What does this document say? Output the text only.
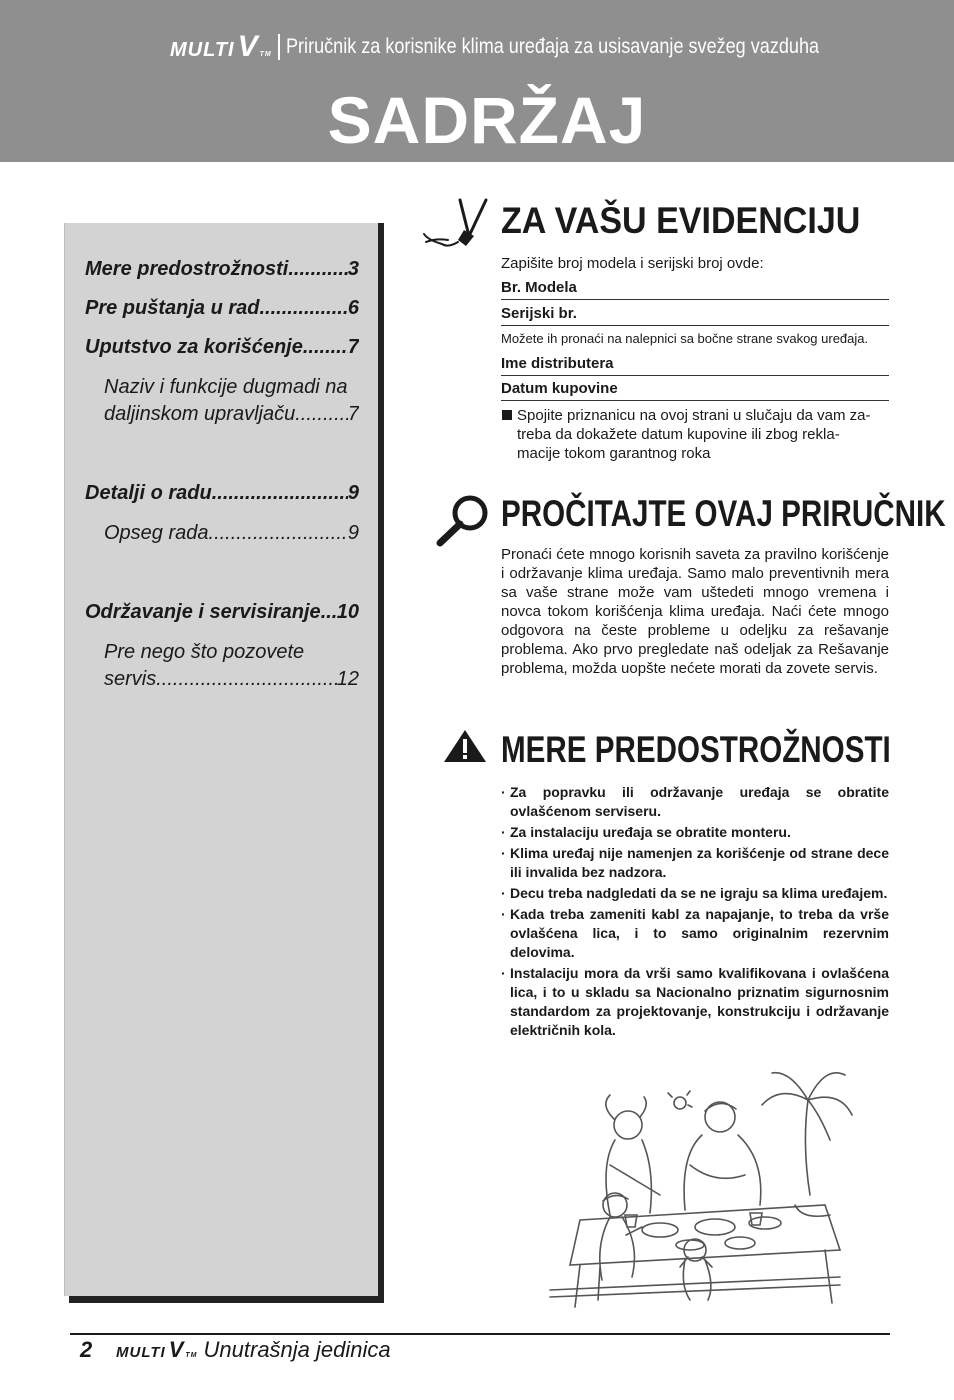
MULTI V TM Priručnik za korisnike klima uređaja za usisavanje svežeg vazduha
SADRŽAJ
Mere predostrožnosti .....	3
Pre puštanja u rad .....	6
Uputstvo za korišćenje ..... 7
Naziv i funkcije dugmadi na
daljinskom upravljaču .....	7
Detalji o radu .....	9
Opseg rada .....	9
Održavanje i servisiranje ..... 10
Pre nego što pozovete
servis .....	12
ZA VAŠU EVIDENCIJU
Zapišite broj modela i serijski broj ovde:
Br. Modela
Serijski br.
Možete ih pronaći na nalepnici sa bočne strane svakog uređaja.
Ime distributera
Datum kupovine
Spojite priznanicu na ovoj strani u slučaju da vam za-
treba da dokažete datum kupovine ili zbog rekla-
macije tokom garantnog roka
PROČITAJTE OVAJ PRIRUČNIK

Pronaći ćete mnogo korisnih saveta za pravilno korišćenje i održavanje klima uređaja. Samo malo preventivnih mera sa vaše strane može vam uštedeti mnogo vremena i novca tokom korišćenja klima uređaja. Naći ćete mnogo odgovora na česte probleme u odeljku za rešavanje problema. Ako prvo pregledate naš odeljak za Rešavanje problema, možda uopšte nećete morati da zovete servis.

MERE PREDOSTROŽNOSTI
· Za popravku ili održavanje uređaja se obratite ovlašćenom serviseru.
· Za instalaciju uređaja se obratite monteru.
· Klima uređaj nije namenjen za korišćenje od strane dece ili invalida bez nadzora.
· Decu treba nadgledati da se ne igraju sa klima uređajem.
· Kada treba zameniti kabl za napajanje, to treba da vrše ovlašćena lica, i to samo originalnim rezervnim delovima.
· Instalaciju mora da vrši samo kvalifikovana i ovlašćena lica, i to u skladu sa Nacionalno priznatim sigurnosnim standardom za projektovanje, konstrukciju i održavanje električnih kola.
2	MULTI V TM Unutrašnja jedinica
